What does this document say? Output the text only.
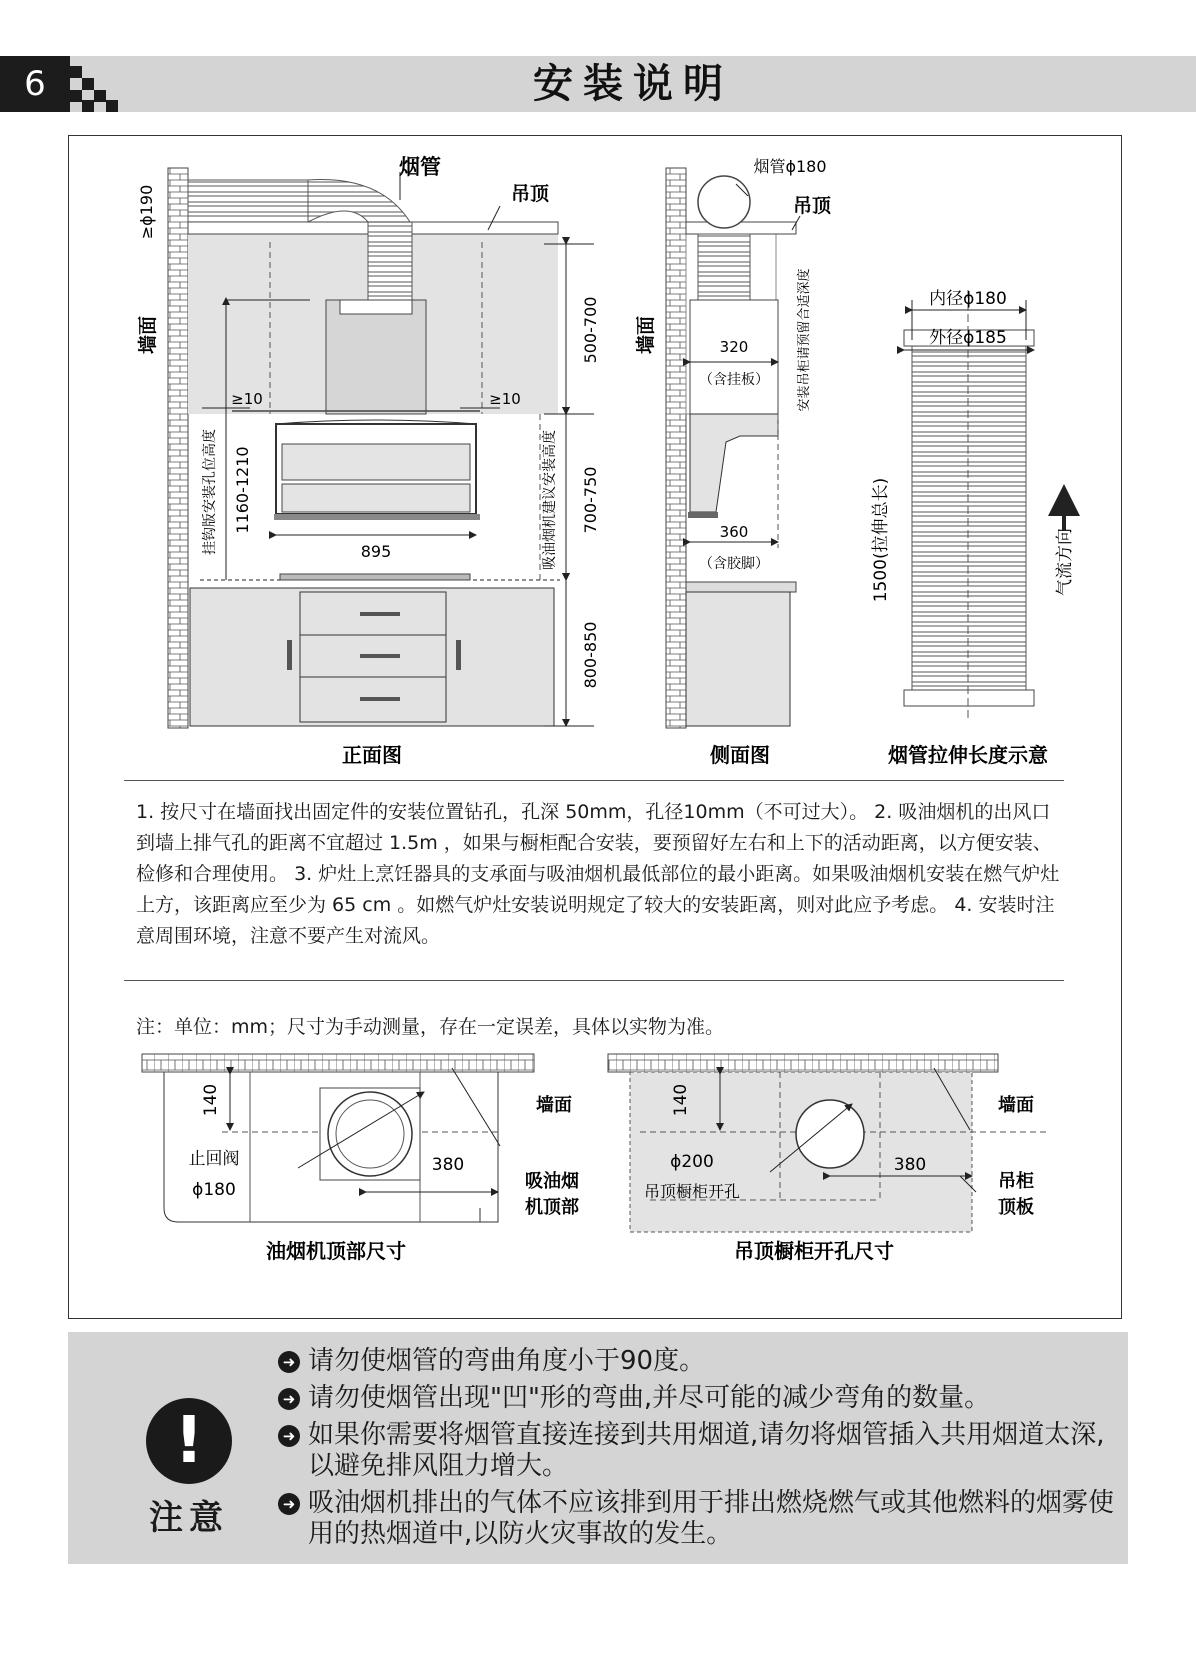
6	安装说明
烟管
吊顶
墙面
≥ϕ190
500-700
700-750
800-850
1160-1210
挂钩版安装孔位高度	吸油烟机建议安装高度
≥10	≥10
895
正面图
烟管ϕ180
吊顶
墙面	320
（含挂板）
360
（含胶脚）
安装吊柜请预留合适深度
侧面图
内径ϕ180
外径ϕ185
1500(拉伸总长)	气流方向
烟管拉伸长度示意
140
止回阀
ϕ180
380
墙面
吸油烟
机顶部
油烟机顶部尺寸
140
ϕ200
吊顶橱柜开孔
380
墙面
吊柜
顶板
吊顶橱柜开孔尺寸

1. 按尺寸在墙面找出固定件的安装位置钻孔，孔深 50mm，孔径10mm（不可过大）。 2. 吸油烟机的出风口到墙上排气孔的距离不宜超过 1.5m ，如果与橱柜配合安装，要预留好左右和上下的活动距离，以方便安装、检修和合理使用。 3. 炉灶上烹饪器具的支承面与吸油烟机最低部位的最小距离。如果吸油烟机安装在燃气炉灶上方，该距离应至少为 65 cm 。如燃气炉灶安装说明规定了较大的安装距离，则对此应予考虑。 4. 安装时注意周围环境，注意不要产生对流风。

注：单位：mm；尺寸为手动测量，存在一定误差，具体以实物为准。

!
注意
➜ 请勿使烟管的弯曲角度小于90度。
➜ 请勿使烟管出现"凹"形的弯曲,并尽可能的减少弯角的数量。
➜ 如果你需要将烟管直接连接到共用烟道,请勿将烟管插入共用烟道太深,以避免排风阻力增大。
➜ 吸油烟机排出的气体不应该排到用于排出燃烧燃气或其他燃料的烟雾使用的热烟道中,以防火灾事故的发生。
